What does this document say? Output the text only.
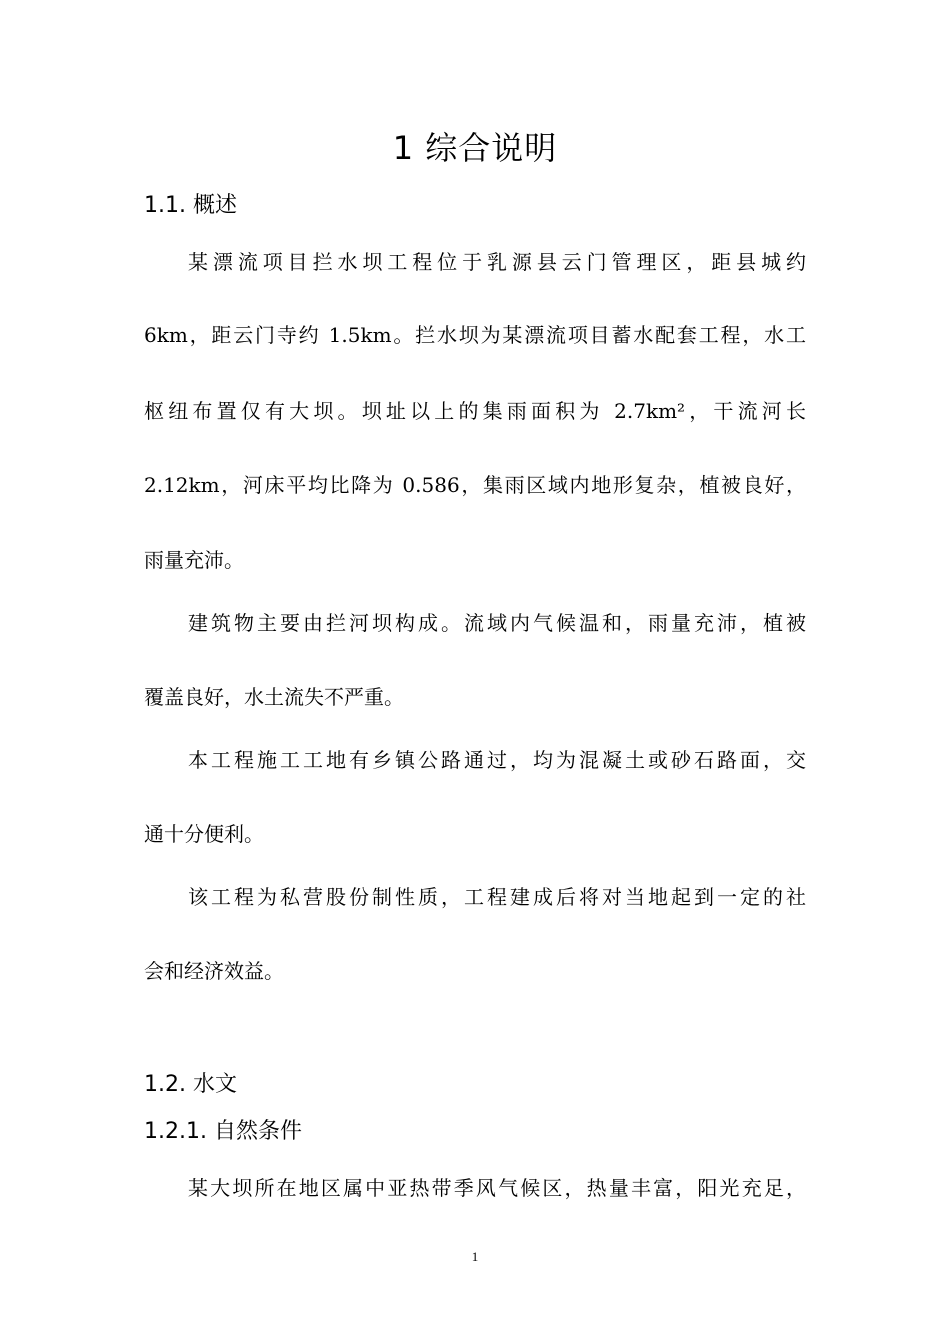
1 综合说明
1.1. 概述
某漂流项目拦水坝工程位于乳源县云门管理区，距县城约
6km，距云门寺约 1.5km。拦水坝为某漂流项目蓄水配套工程，水工
枢纽布置仅有大坝。坝址以上的集雨面积为 2.7km²，干流河长
2.12km，河床平均比降为 0.586，集雨区域内地形复杂，植被良好，
雨量充沛。
建筑物主要由拦河坝构成。流域内气候温和，雨量充沛，植被
覆盖良好，水土流失不严重。
本工程施工工地有乡镇公路通过，均为混凝土或砂石路面，交
通十分便利。
该工程为私营股份制性质，工程建成后将对当地起到一定的社
会和经济效益。
1.2. 水文
1.2.1. 自然条件
某大坝所在地区属中亚热带季风气候区，热量丰富，阳光充足，
1
